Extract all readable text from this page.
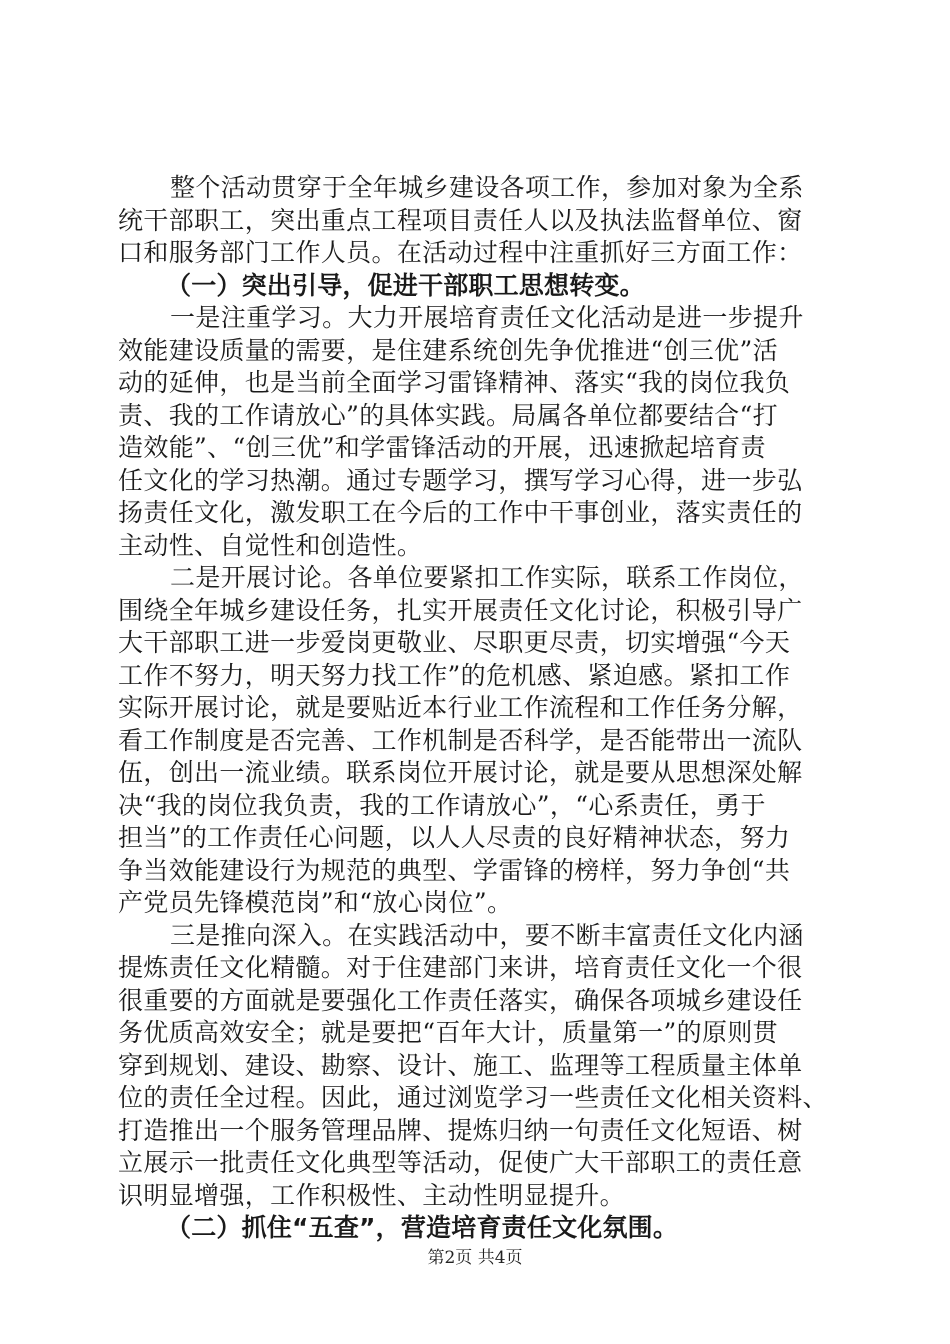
整个活动贯穿于全年城乡建设各项工作，参加对象为全系
统干部职工，突出重点工程项目责任人以及执法监督单位、窗
口和服务部门工作人员。在活动过程中注重抓好三方面工作：
（一）突出引导，促进干部职工思想转变。
一是注重学习。大力开展培育责任文化活动是进一步提升
效能建设质量的需要，是住建系统创先争优推进“创三优”活
动的延伸，也是当前全面学习雷锋精神、落实“我的岗位我负
责、我的工作请放心”的具体实践。局属各单位都要结合“打
造效能”、“创三优”和学雷锋活动的开展，迅速掀起培育责
任文化的学习热潮。通过专题学习，撰写学习心得，进一步弘
扬责任文化，激发职工在今后的工作中干事创业，落实责任的
主动性、自觉性和创造性。
二是开展讨论。各单位要紧扣工作实际，联系工作岗位，
围绕全年城乡建设任务，扎实开展责任文化讨论，积极引导广
大干部职工进一步爱岗更敬业、尽职更尽责，切实增强“今天
工作不努力，明天努力找工作”的危机感、紧迫感。紧扣工作
实际开展讨论，就是要贴近本行业工作流程和工作任务分解，
看工作制度是否完善、工作机制是否科学，是否能带出一流队
伍，创出一流业绩。联系岗位开展讨论，就是要从思想深处解
决“我的岗位我负责，我的工作请放心”，“心系责任，勇于
担当”的工作责任心问题，以人人尽责的良好精神状态，努力
争当效能建设行为规范的典型、学雷锋的榜样，努力争创“共
产党员先锋模范岗”和“放心岗位”。
三是推向深入。在实践活动中，要不断丰富责任文化内涵
提炼责任文化精髓。对于住建部门来讲，培育责任文化一个很
很重要的方面就是要强化工作责任落实，确保各项城乡建设任
务优质高效安全；就是要把“百年大计，质量第一”的原则贯
穿到规划、建设、勘察、设计、施工、监理等工程质量主体单
位的责任全过程。因此，通过浏览学习一些责任文化相关资料、
打造推出一个服务管理品牌、提炼归纳一句责任文化短语、树
立展示一批责任文化典型等活动，促使广大干部职工的责任意
识明显增强，工作积极性、主动性明显提升。
（二）抓住“五查”，营造培育责任文化氛围。
第2页 共4页
